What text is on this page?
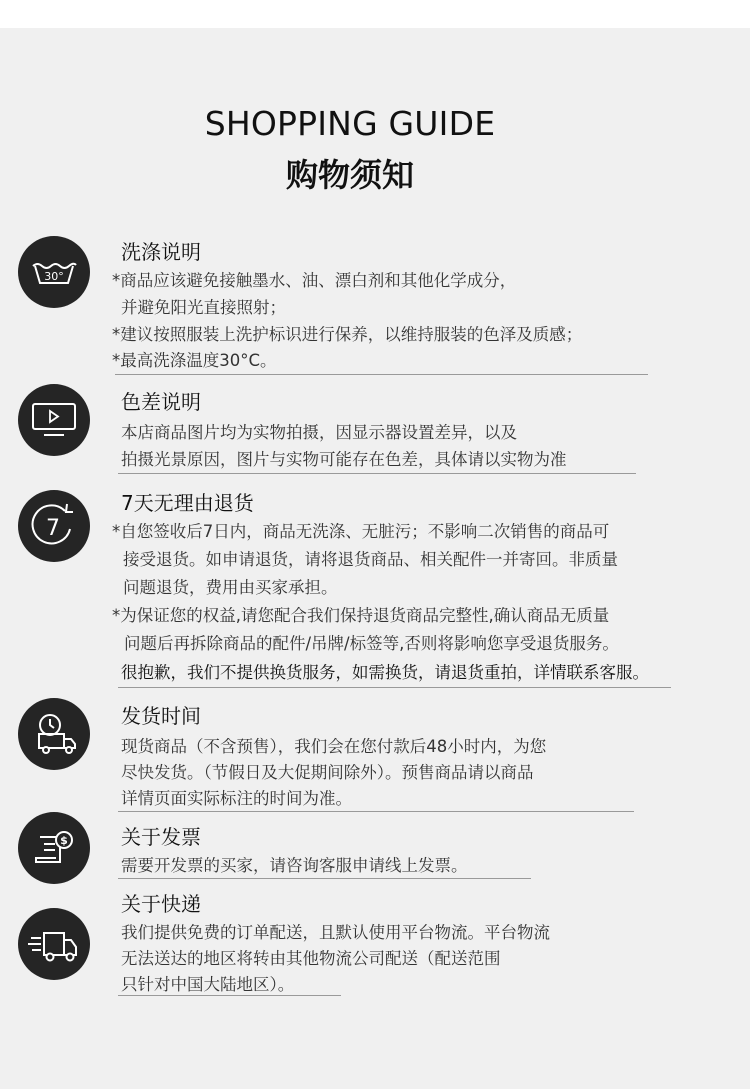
SHOPPING GUIDE
购物须知
30°
洗涤说明
*商品应该避免接触墨水、油、漂白剂和其他化学成分，
并避免阳光直接照射；
*建议按照服装上洗护标识进行保养，以维持服装的色泽及质感；
*最高洗涤温度30°C。
色差说明
本店商品图片均为实物拍摄，因显示器设置差异，以及
拍摄光景原因，图片与实物可能存在色差，具体请以实物为准
7
7天无理由退货
*自您签收后7日内，商品无洗涤、无脏污；不影响二次销售的商品可
接受退货。如申请退货，请将退货商品、相关配件一并寄回。非质量
问题退货，费用由买家承担。
*为保证您的权益,请您配合我们保持退货商品完整性,确认商品无质量
问题后再拆除商品的配件/吊牌/标签等,否则将影响您享受退货服务。
很抱歉，我们不提供换货服务，如需换货，请退货重拍，详情联系客服。
发货时间
现货商品（不含预售），我们会在您付款后48小时内，为您
尽快发货。（节假日及大促期间除外）。预售商品请以商品
详情页面实际标注的时间为准。
$	关于发票
需要开发票的买家，请咨询客服申请线上发票。
关于快递
我们提供免费的订单配送，且默认使用平台物流。平台物流
无法送达的地区将转由其他物流公司配送（配送范围
只针对中国大陆地区）。
